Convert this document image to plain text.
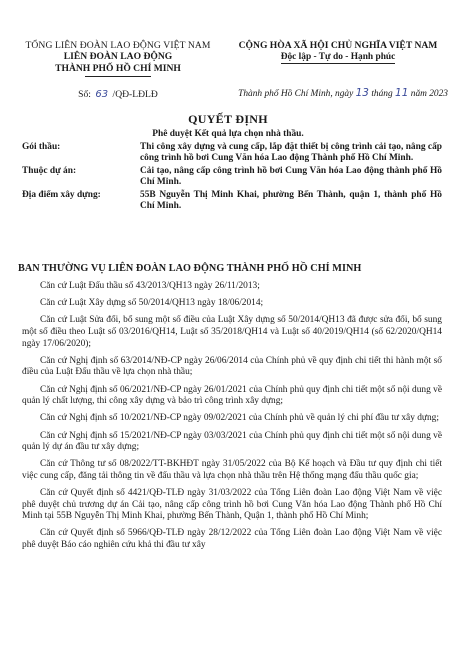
TỔNG LIÊN ĐOÀN LAO ĐỘNG VIỆT NAM
LIÊN ĐOÀN LAO ĐỘNG
THÀNH PHỐ HỒ CHÍ MINH
Số: 63 /QĐ-LĐLĐ
CỘNG HÒA XÃ HỘI CHỦ NGHĨA VIỆT NAM
Độc lập - Tự do - Hạnh phúc
Thành phố Hồ Chí Minh, ngày 13 tháng 11 năm 2023
QUYẾT ĐỊNH
Phê duyệt Kết quả lựa chọn nhà thầu.
Gói thầu:	Thi công xây dựng và cung cấp, lắp đặt thiết bị công trình cải tạo, nâng cấp công trình hồ bơi Cung Văn hóa Lao động Thành phố Hồ Chí Minh.
Thuộc dự án:	Cải tạo, nâng cấp công trình hồ bơi Cung Văn hóa Lao động thành phố Hồ Chí Minh.
Địa điểm xây dựng:	55B Nguyễn Thị Minh Khai, phường Bến Thành, quận 1, thành phố Hồ Chí Minh.
BAN THƯỜNG VỤ LIÊN ĐOÀN LAO ĐỘNG THÀNH PHỐ HỒ CHÍ MINH

Căn cứ Luật Đấu thầu số 43/2013/QH13 ngày 26/11/2013;

Căn cứ Luật Xây dựng số 50/2014/QH13 ngày 18/06/2014;

Căn cứ Luật Sửa đổi, bổ sung một số điều của Luật Xây dựng số 50/2014/QH13 đã được sửa đổi, bổ sung một số điều theo Luật số 03/2016/QH14, Luật số 35/2018/QH14 và Luật số 40/2019/QH14 (số 62/2020/QH14 ngày 17/06/2020);

Căn cứ Nghị định số 63/2014/NĐ-CP ngày 26/06/2014 của Chính phủ về quy định chi tiết thi hành một số điều của Luật Đấu thầu về lựa chọn nhà thầu;

Căn cứ Nghị định số 06/2021/NĐ-CP ngày 26/01/2021 của Chính phủ quy định chi tiết một số nội dung về quản lý chất lượng, thi công xây dựng và bảo trì công trình xây dựng;

Căn cứ Nghị định số 10/2021/NĐ-CP ngày 09/02/2021 của Chính phủ về quản lý chi phí đầu tư xây dựng;

Căn cứ Nghị định số 15/2021/NĐ-CP ngày 03/03/2021 của Chính phủ quy định chi tiết một số nội dung về quản lý dự án đầu tư xây dựng;

Căn cứ Thông tư số 08/2022/TT-BKHĐT ngày 31/05/2022 của Bộ Kế hoạch và Đầu tư quy định chi tiết việc cung cấp, đăng tải thông tin về đấu thầu và lựa chọn nhà thầu trên Hệ thống mạng đấu thầu quốc gia;

Căn cứ Quyết định số 4421/QĐ-TLĐ ngày 31/03/2022 của Tổng Liên đoàn Lao động Việt Nam về việc phê duyệt chủ trương dự án Cải tạo, nâng cấp công trình hồ bơi Cung Văn hóa Lao động Thành phố Hồ Chí Minh tại 55B Nguyễn Thị Minh Khai, phường Bến Thành, Quận 1, thành phố Hồ Chí Minh;

Căn cứ Quyết định số 5966/QĐ-TLĐ ngày 28/12/2022 của Tổng Liên đoàn Lao động Việt Nam về việc phê duyệt Báo cáo nghiên cứu khả thi đầu tư xây
